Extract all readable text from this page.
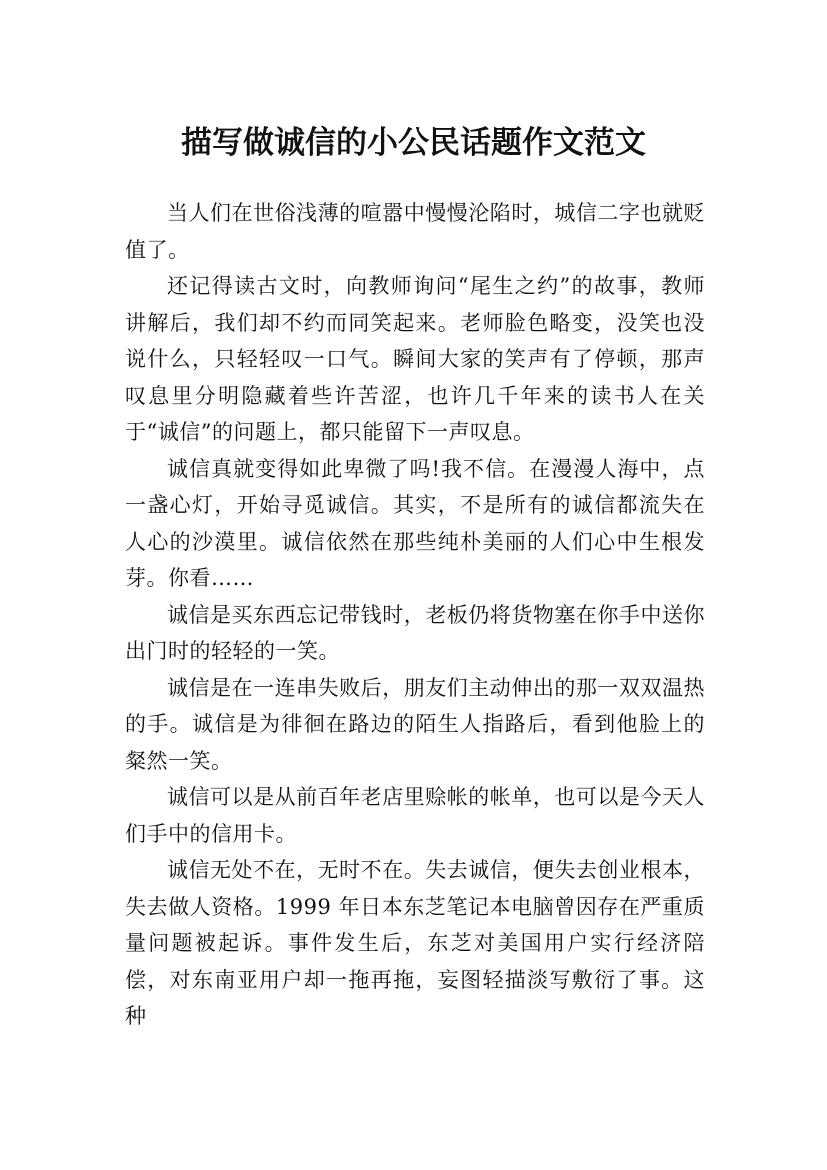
描写做诚信的小公民话题作文范文

当人们在世俗浅薄的喧嚣中慢慢沦陷时，城信二字也就贬值了。

还记得读古文时，向教师询问“尾生之约”的故事，教师讲解后，我们却不约而同笑起来。老师脸色略变，没笑也没说什么，只轻轻叹一口气。瞬间大家的笑声有了停顿，那声叹息里分明隐藏着些许苦涩，也许几千年来的读书人在关于“诚信”的问题上，都只能留下一声叹息。

诚信真就变得如此卑微了吗!我不信。在漫漫人海中，点一盏心灯，开始寻觅诚信。其实，不是所有的诚信都流失在人心的沙漠里。诚信依然在那些纯朴美丽的人们心中生根发芽。你看……

诚信是买东西忘记带钱时，老板仍将货物塞在你手中送你出门时的轻轻的一笑。

诚信是在一连串失败后，朋友们主动伸出的那一双双温热的手。诚信是为徘徊在路边的陌生人指路后，看到他脸上的粲然一笑。

诚信可以是从前百年老店里赊帐的帐单，也可以是今天人们手中的信用卡。

诚信无处不在，无时不在。失去诚信，便失去创业根本，失去做人资格。1999 年日本东芝笔记本电脑曾因存在严重质量问题被起诉。事件发生后，东芝对美国用户实行经济陪偿，对东南亚用户却一拖再拖，妄图轻描淡写敷衍了事。这种
